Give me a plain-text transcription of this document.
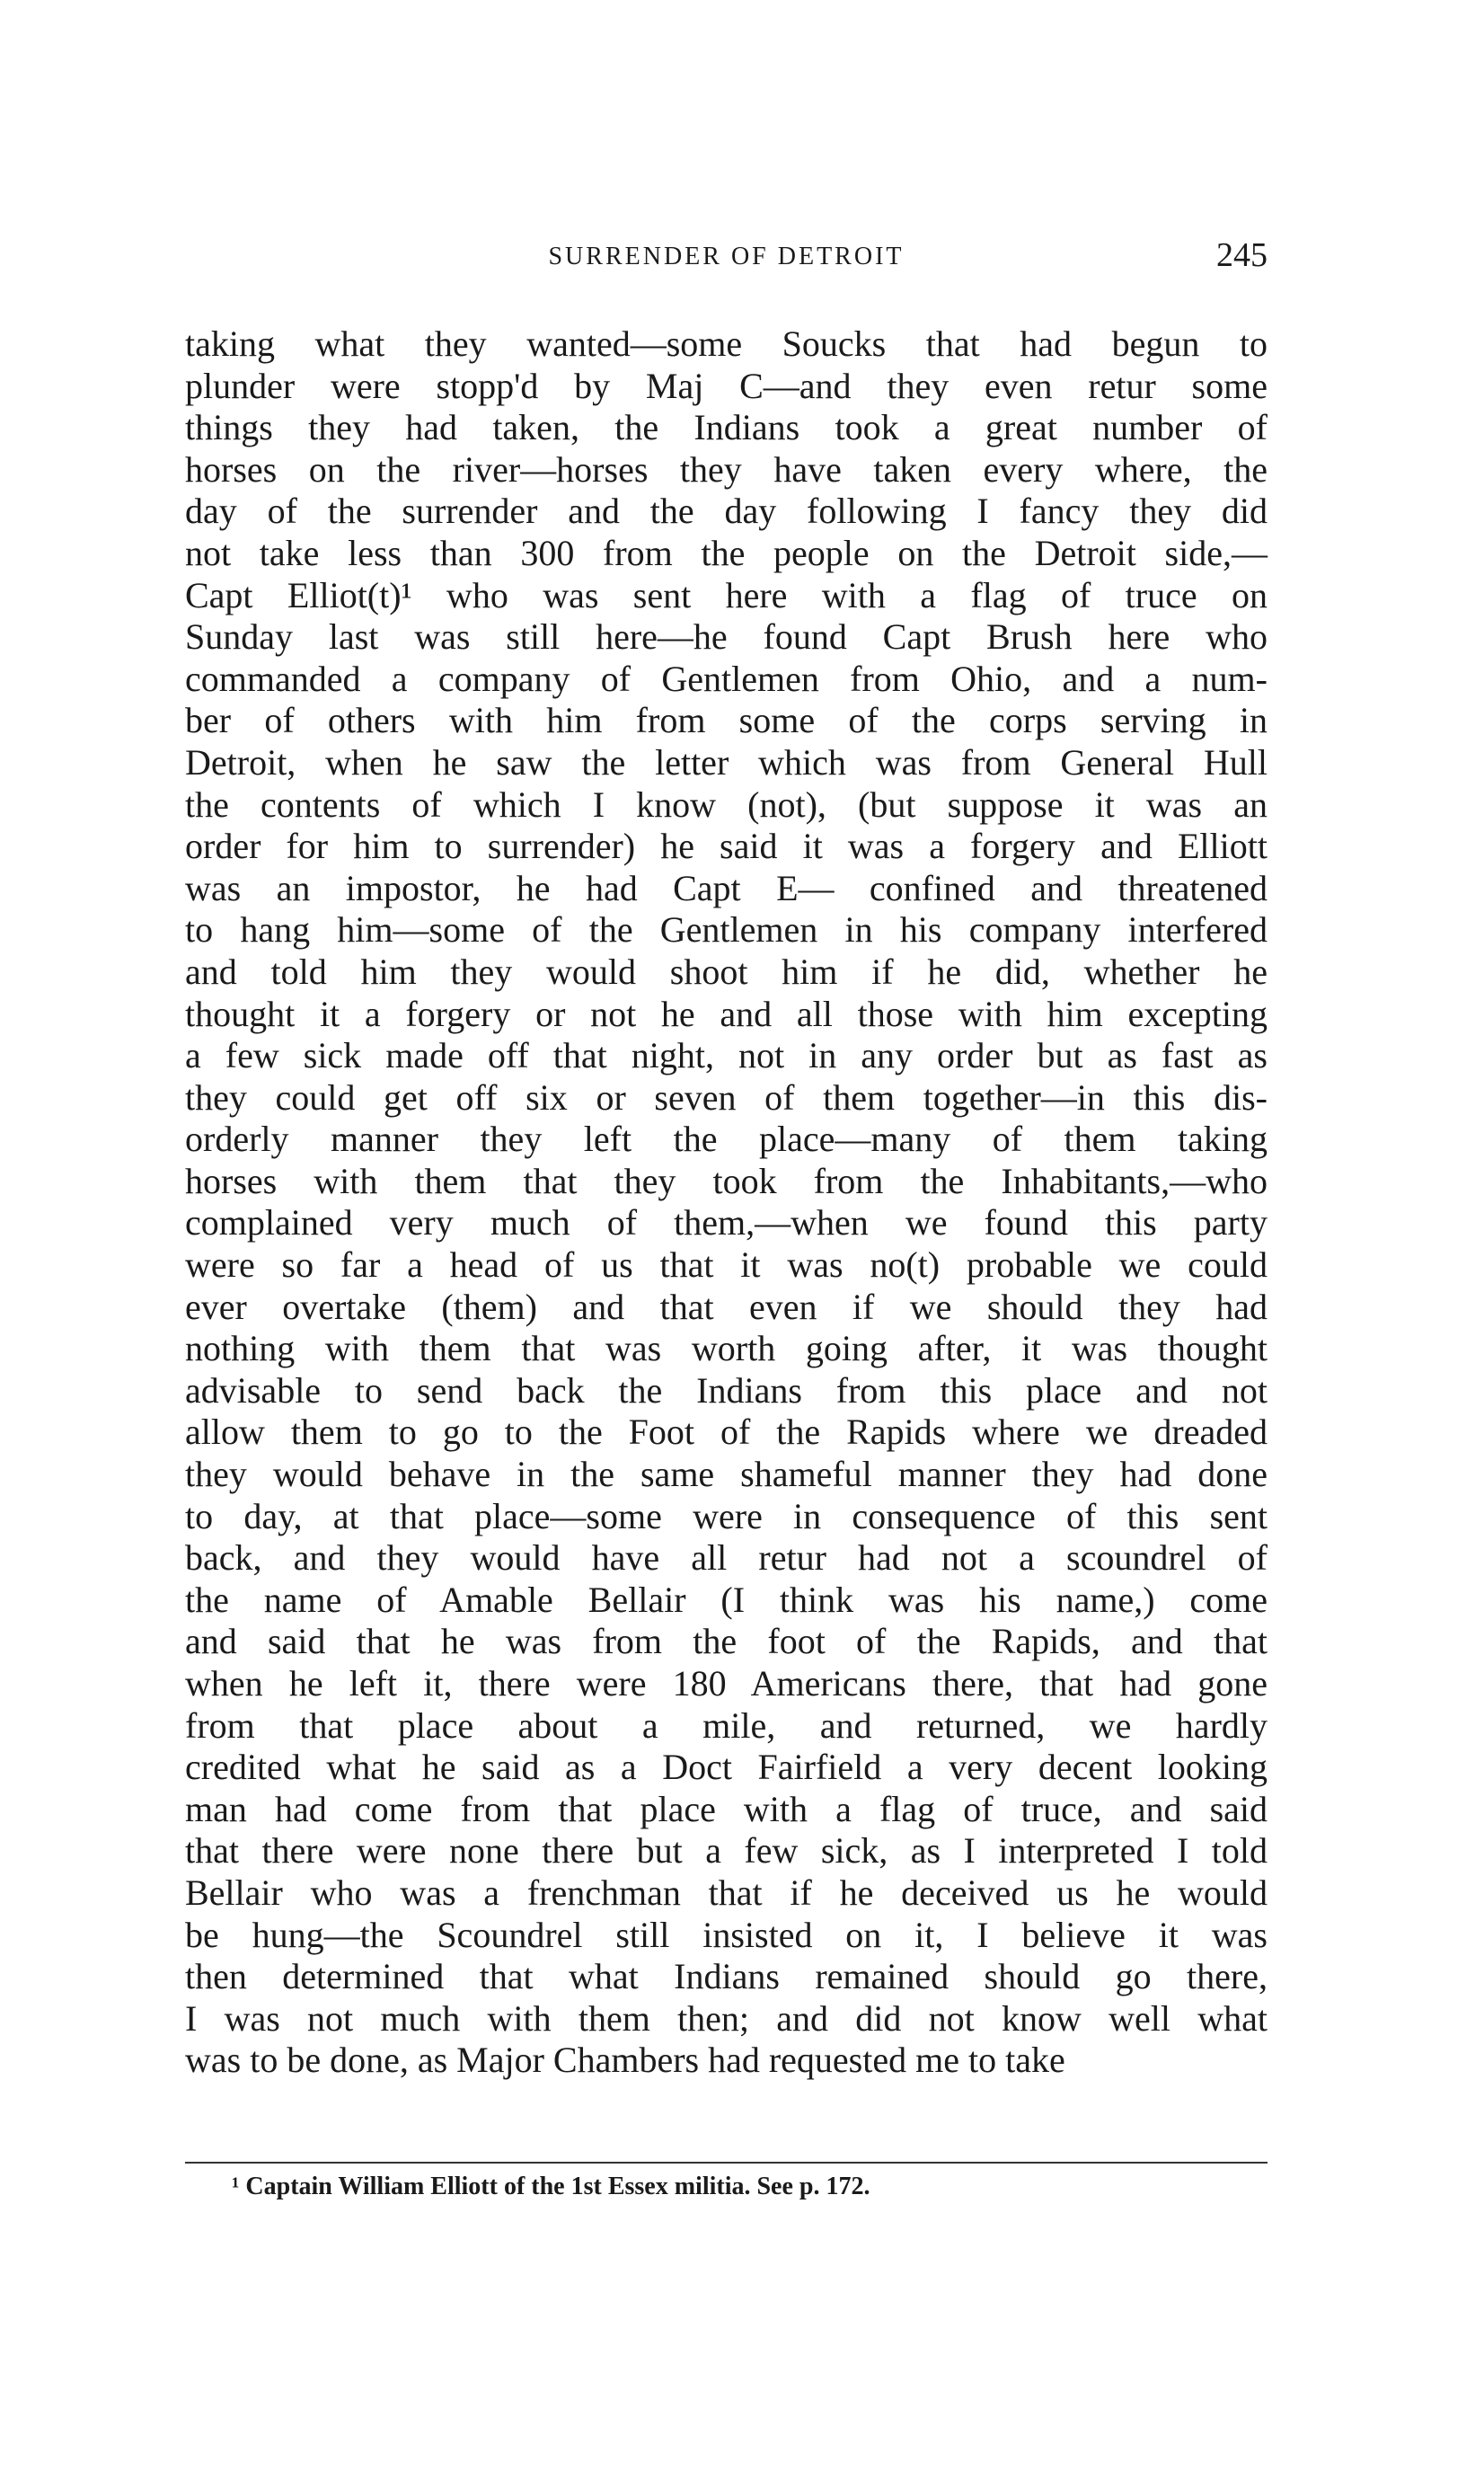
SURRENDER OF DETROIT	245
taking what they wanted—some Soucks that had begun to
plunder were stopp'd by Maj C—and they even retur some
things they had taken, the Indians took a great number of
horses on the river—horses they have taken every where, the
day of the surrender and the day following I fancy they did
not take less than 300 from the people on the Detroit side,—
Capt Elliot(t)¹ who was sent here with a flag of truce on
Sunday last was still here—he found Capt Brush here who
commanded a company of Gentlemen from Ohio, and a num-
ber of others with him from some of the corps serving in
Detroit, when he saw the letter which was from General Hull
the contents of which I know (not), (but suppose it was an
order for him to surrender) he said it was a forgery and Elliott
was an impostor, he had Capt E— confined and threatened
to hang him—some of the Gentlemen in his company interfered
and told him they would shoot him if he did, whether he
thought it a forgery or not he and all those with him excepting
a few sick made off that night, not in any order but as fast as
they could get off six or seven of them together—in this dis-
orderly manner they left the place—many of them taking
horses with them that they took from the Inhabitants,—who
complained very much of them,—when we found this party
were so far a head of us that it was no(t) probable we could
ever overtake (them) and that even if we should they had
nothing with them that was worth going after, it was thought
advisable to send back the Indians from this place and not
allow them to go to the Foot of the Rapids where we dreaded
they would behave in the same shameful manner they had done
to day, at that place—some were in consequence of this sent
back, and they would have all retur had not a scoundrel of
the name of Amable Bellair (I think was his name,) come
and said that he was from the foot of the Rapids, and that
when he left it, there were 180 Americans there, that had gone
from that place about a mile, and returned, we hardly
credited what he said as a Doct Fairfield a very decent looking
man had come from that place with a flag of truce, and said
that there were none there but a few sick, as I interpreted I told
Bellair who was a frenchman that if he deceived us he would
be hung—the Scoundrel still insisted on it, I believe it was
then determined that what Indians remained should go there,
I was not much with them then; and did not know well what
was to be done, as Major Chambers had requested me to take
¹ Captain William Elliott of the 1st Essex militia. See p. 172.
